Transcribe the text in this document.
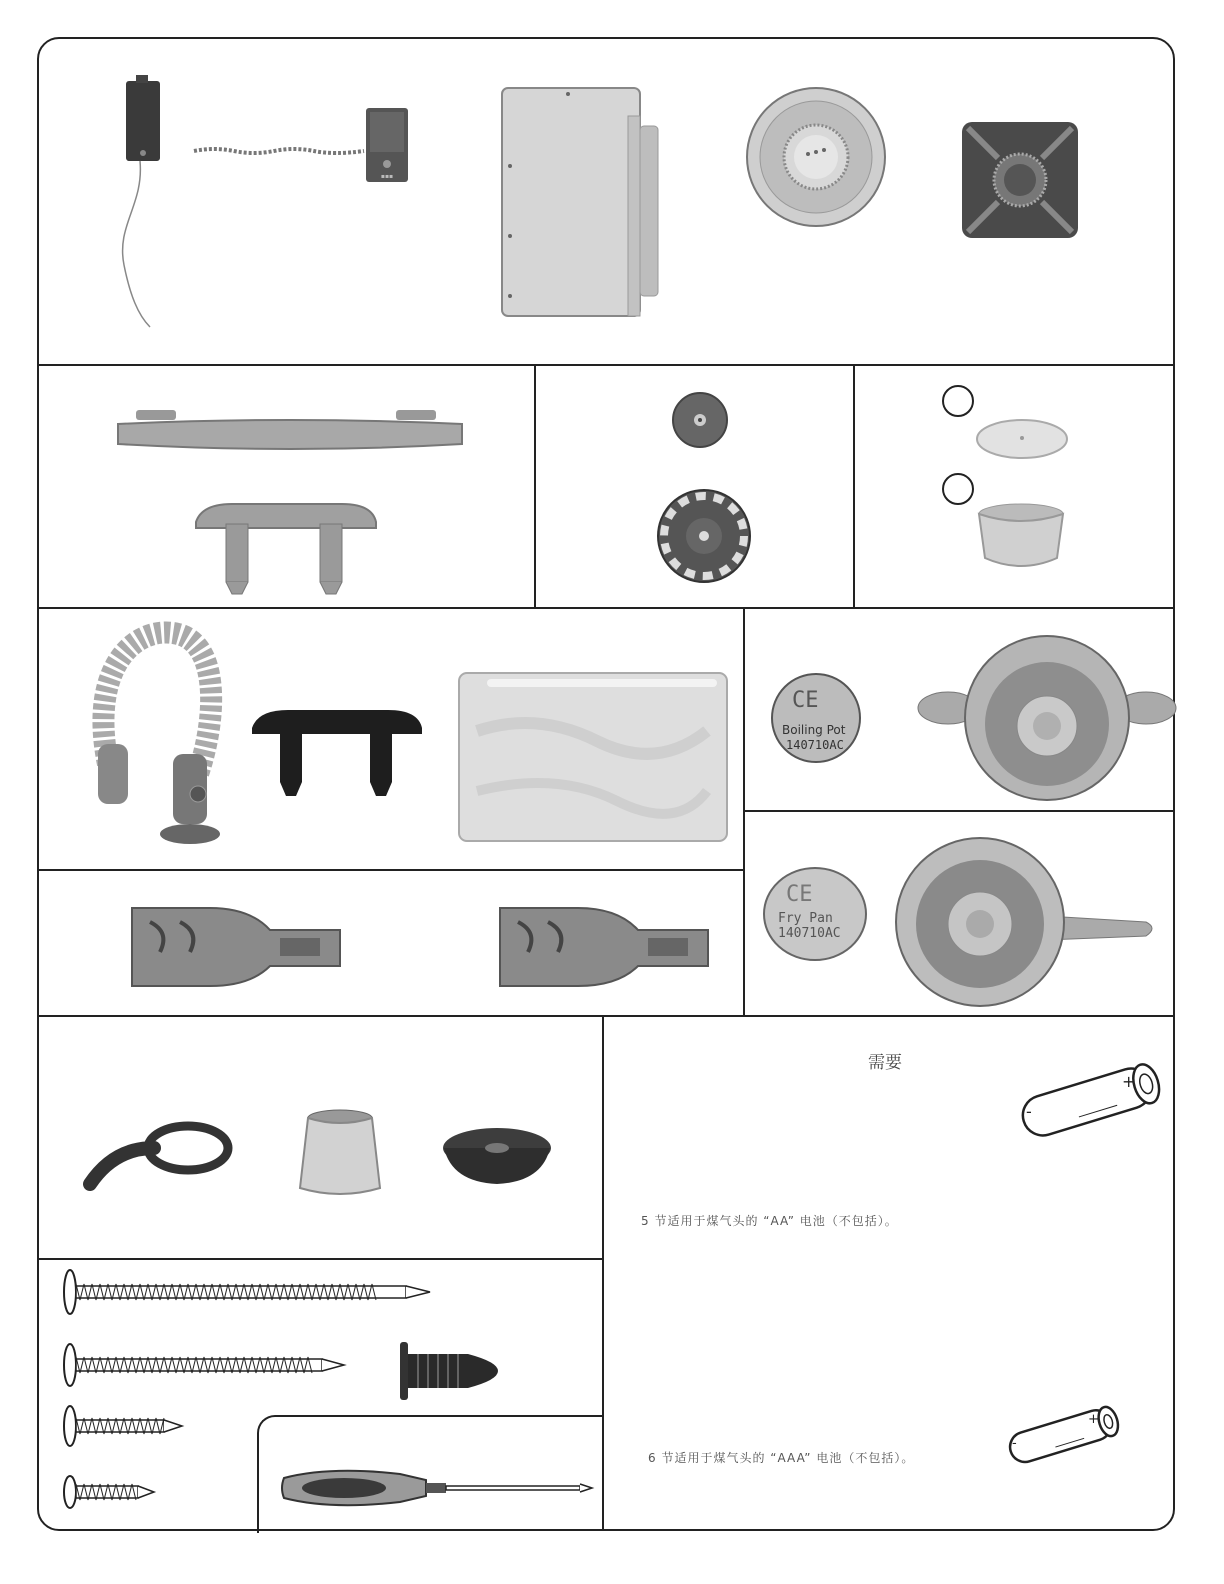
▪▪▪
CE
Boiling Pot
140710AC
CE
Fry Pan
140710AC
需要
+
-
5 节适用于煤气头的 “AA” 电池（不包括）。
+
-
6 节适用于煤气头的 “AAA” 电池（不包括）。
